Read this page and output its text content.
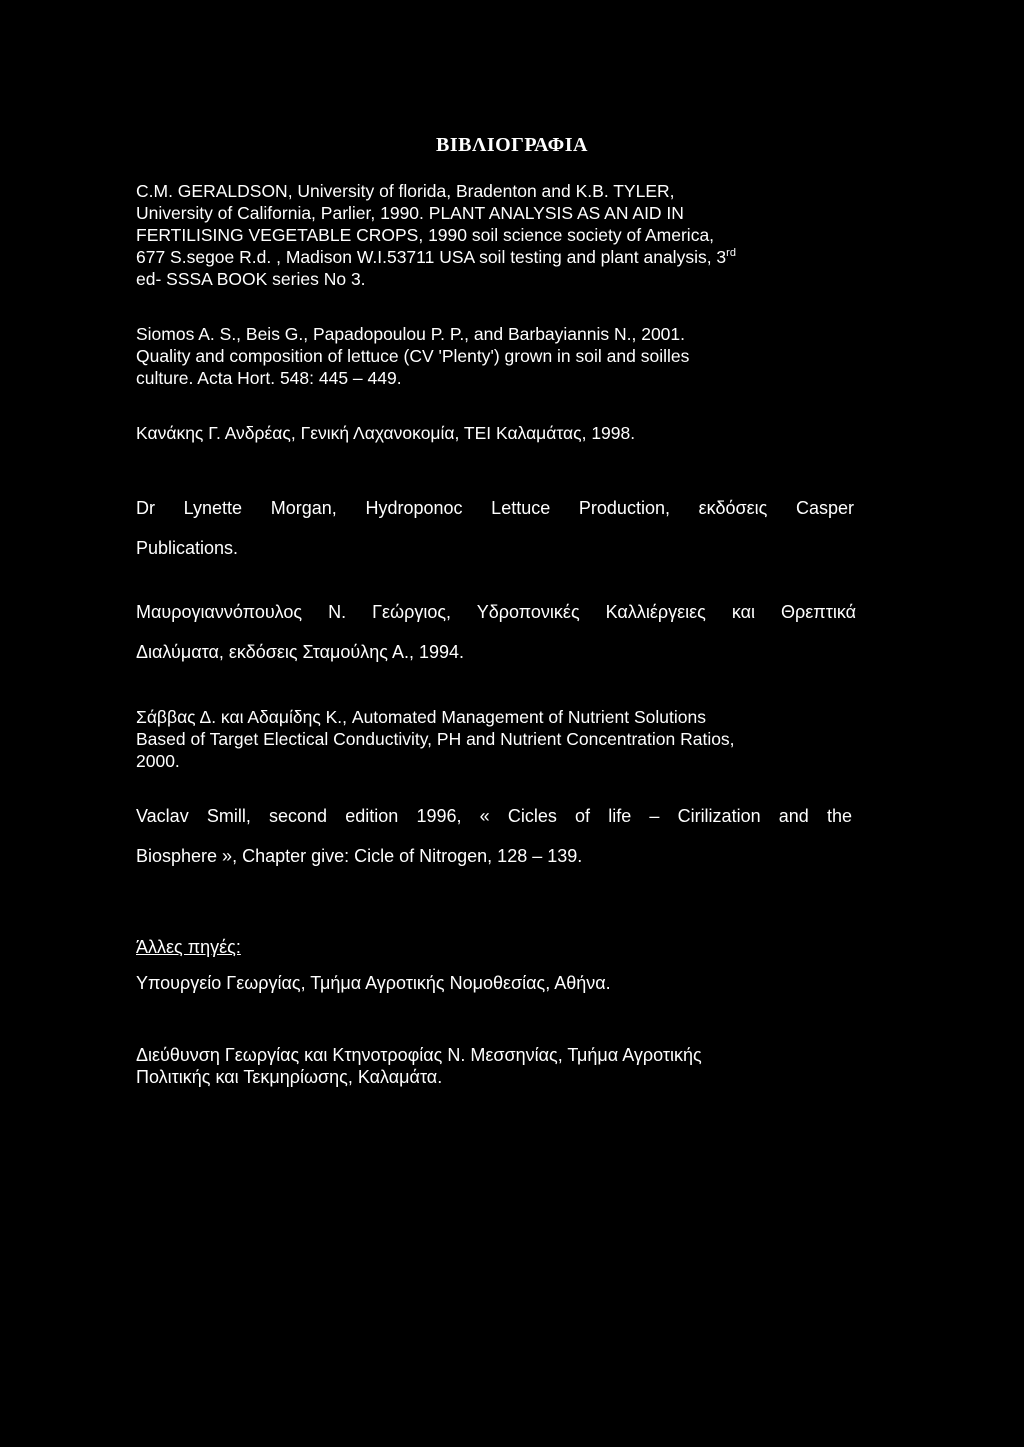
ΒΙΒΛΙΟΓΡΑΦΙΑ
C.M. GERALDSON, University of florida, Bradenton and K.B. TYLER,
University of California, Parlier, 1990. PLANT ANALYSIS AS AN AID IN
FERTILISING VEGETABLE CROPS, 1990 soil science society of America,
677 S.segoe R.d. , Madison W.I.53711 USA soil testing and plant analysis, 3rd
ed- SSSA BOOK series No 3.
Siomos A. S., Beis G., Papadopoulou P. P., and Barbayiannis N., 2001.
Quality and composition of lettuce (CV 'Plenty') grown in soil and soilles
culture. Acta Hort. 548: 445 – 449.
Κανάκης Γ. Ανδρέας, Γενική Λαχανοκομία, ΤΕΙ Καλαμάτας, 1998.
Dr Lynette Morgan, Hydroponoc Lettuce Production, εκδόσεις Casper
Publications.
Μαυρογιαννόπουλος Ν. Γεώργιος, Υδροπονικές Καλλιέργειες και Θρεπτικά
Διαλύματα, εκδόσεις Σταμούλης Α., 1994.
Σάββας Δ. και Αδαμίδης Κ., Automated Management of Nutrient Solutions
Based of Target Electical Conductivity, PH and Nutrient Concentration Ratios,
2000.
Vaclav Smill, second edition 1996, « Cicles of life – Cirilization and the
Biosphere », Chapter give: Cicle of Nitrogen, 128 – 139.
Άλλες πηγές:
Υπουργείο Γεωργίας, Τμήμα Αγροτικής Νομοθεσίας, Αθήνα.
Διεύθυνση Γεωργίας και Κτηνοτροφίας Ν. Μεσσηνίας, Τμήμα Αγροτικής
Πολιτικής και Τεκμηρίωσης, Καλαμάτα.
